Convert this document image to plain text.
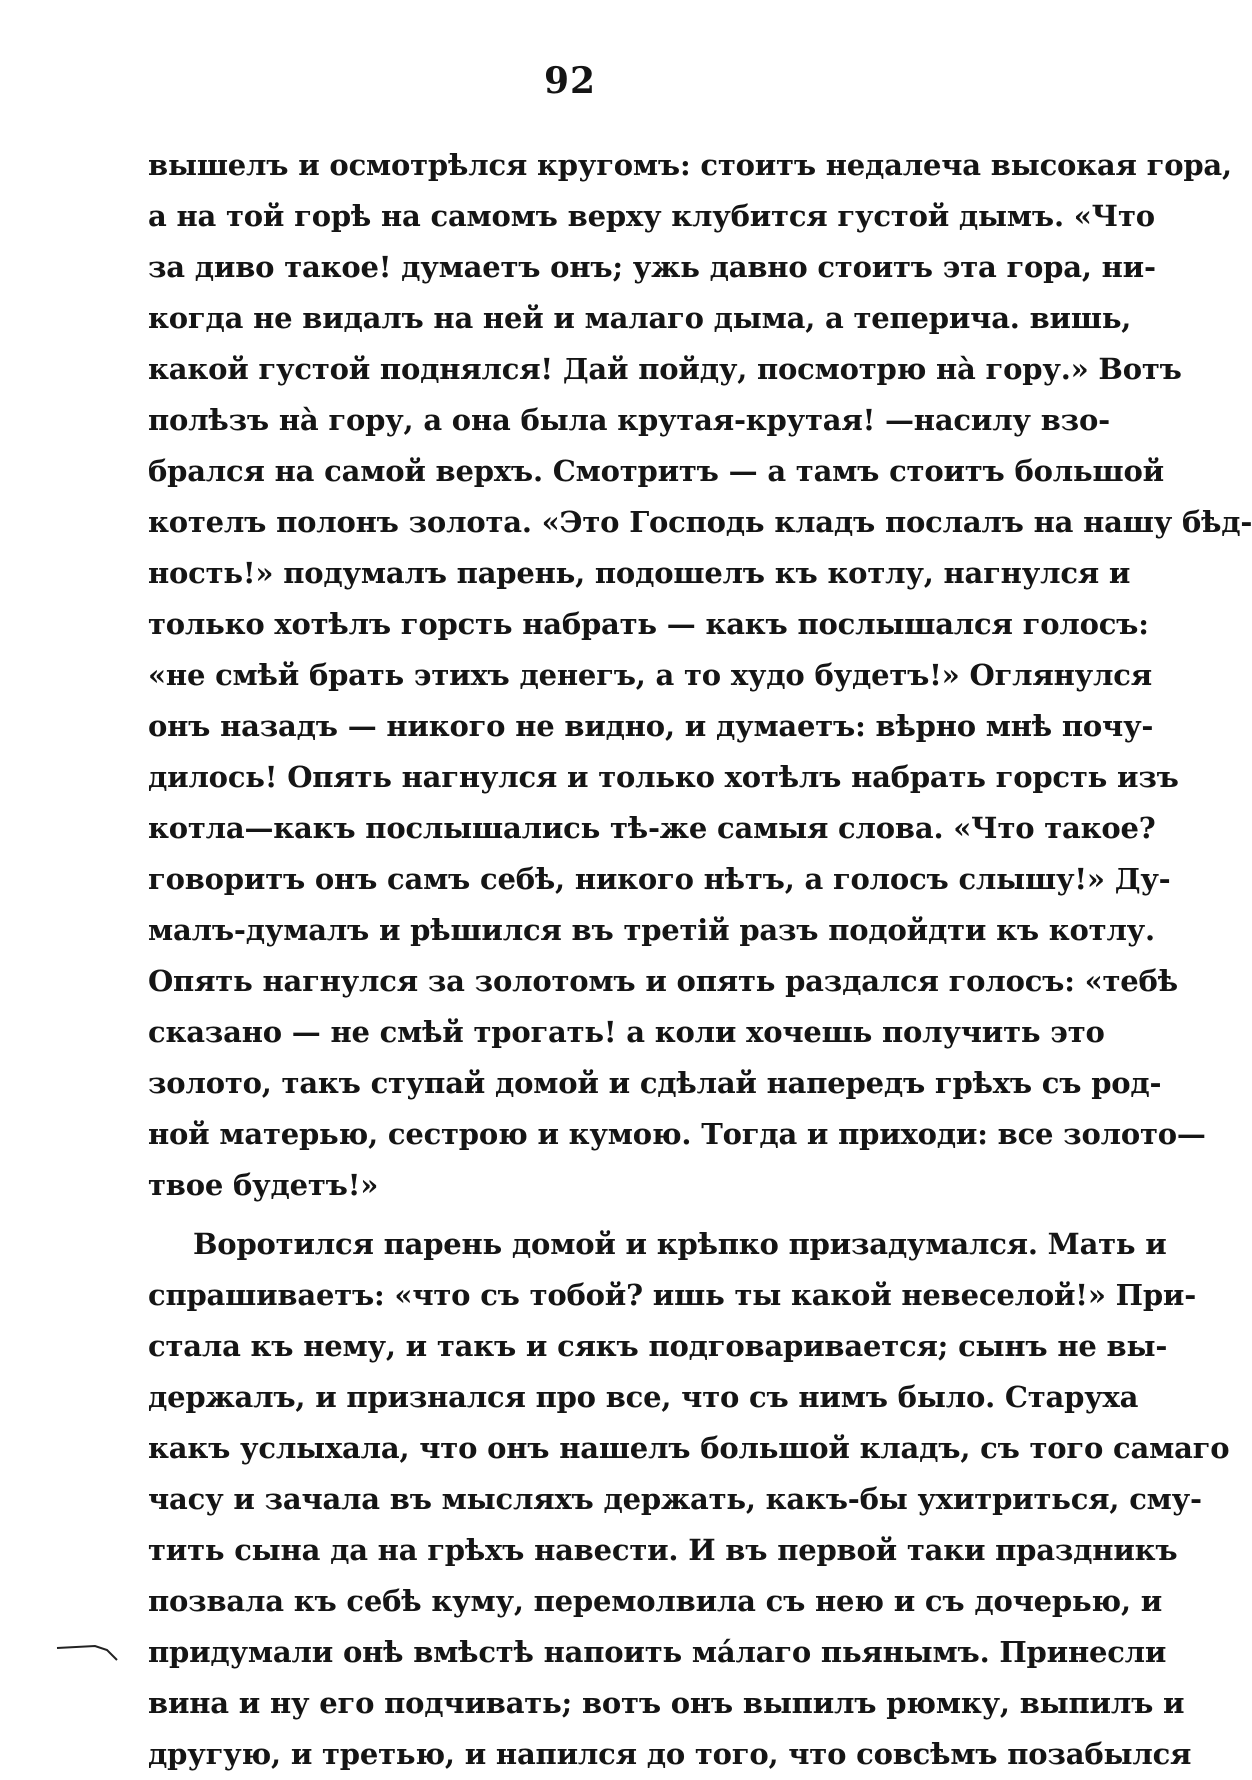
92
вышелъ и осмотрѣлся кругомъ: стоитъ недалеча высокая гора,
а на той горѣ на самомъ верху клубится густой дымъ. «Что
за диво такое! думаетъ онъ; ужь давно стоитъ эта гора, ни-
когда не видалъ на ней и малаго дыма, а теперича. вишь,
какой густой поднялся! Дай пойду, посмотрю нà гору.» Вотъ
полѣзъ нà гору, а она была крутая-крутая! —насилу взо-
брался на самой верхъ. Смотритъ — а тамъ стоитъ большой
котелъ полонъ золота. «Это Господь кладъ послалъ на нашу бѣд-
ность!» подумалъ парень, подошелъ къ котлу, нагнулся и
только хотѣлъ горсть набрать — какъ послышался голосъ:
«не смѣй брать этихъ денегъ, а то худо будетъ!» Оглянулся
онъ назадъ — никого не видно, и думаетъ: вѣрно мнѣ почу-
дилось! Опять нагнулся и только хотѣлъ набрать горсть изъ
котла—какъ послышались тѣ-же самыя слова. «Что такое?
говоритъ онъ самъ себѣ, никого нѣтъ, а голосъ слышу!» Ду-
малъ-думалъ и рѣшился въ третій разъ подойдти къ котлу.
Опять нагнулся за золотомъ и опять раздался голосъ: «тебѣ
сказано — не смѣй трогать! а коли хочешь получить это
золото, такъ ступай домой и сдѣлай напередъ грѣхъ съ род-
ной матерью, сестрою и кумою. Тогда и приходи: все золото—
твое будетъ!»
Воротился парень домой и крѣпко призадумался. Мать и
спрашиваетъ: «что съ тобой? ишь ты какой невеселой!» При-
стала къ нему, и такъ и сякъ подговаривается; сынъ не вы-
держалъ, и признался про все, что съ нимъ было. Старуха
какъ услыхала, что онъ нашелъ большой кладъ, съ того самаго
часу и зачала въ мысляхъ держать, какъ-бы ухитриться, сму-
тить сына да на грѣхъ навести. И въ первой таки праздникъ
позвала къ себѣ куму, перемолвила съ нею и съ дочерью, и
придумали онѣ вмѣстѣ напоить мáлаго пьянымъ. Принесли
вина и ну его подчивать; вотъ онъ выпилъ рюмку, выпилъ и
другую, и третью, и напился до того, что совсѣмъ позабылся
